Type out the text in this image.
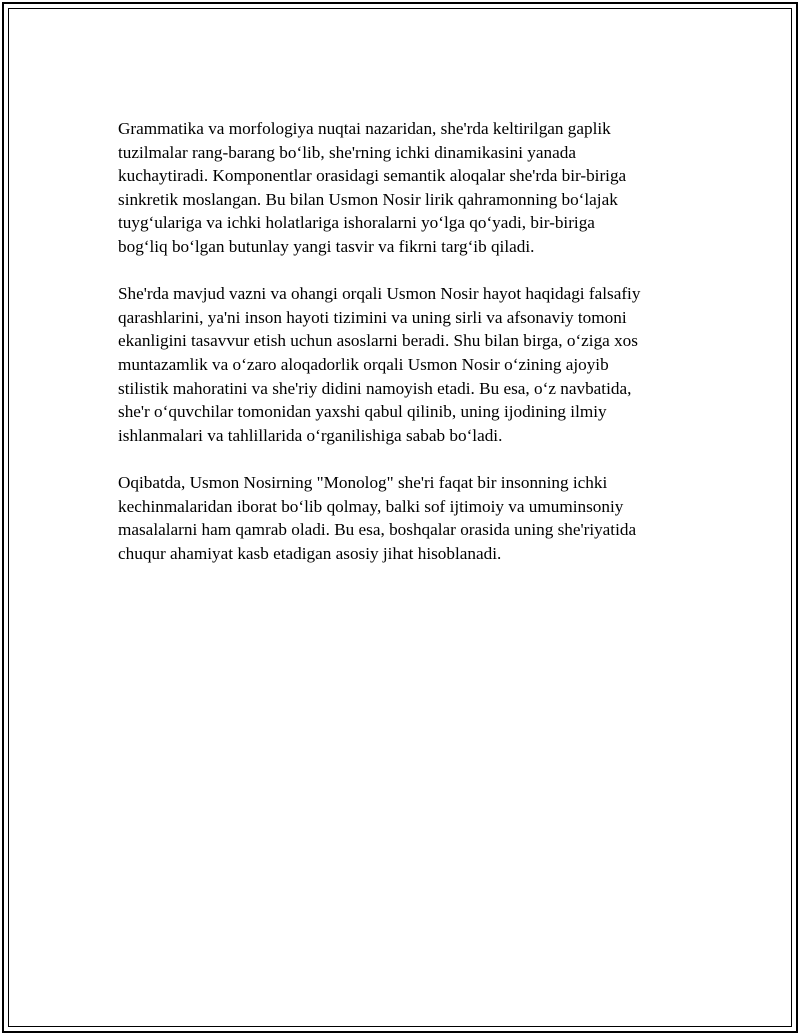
Grammatika va morfologiya nuqtai nazaridan, she'rda keltirilgan gaplik
tuzilmalar rang-barang bo‘lib, she'rning ichki dinamikasini yanada
kuchaytiradi. Komponentlar orasidagi semantik aloqalar she'rda bir-biriga
sinkretik moslangan. Bu bilan Usmon Nosir lirik qahramonning bo‘lajak
tuyg‘ulariga va ichki holatlariga ishoralarni yo‘lga qo‘yadi, bir-biriga
bog‘liq bo‘lgan butunlay yangi tasvir va fikrni targ‘ib qiladi.

She'rda mavjud vazni va ohangi orqali Usmon Nosir hayot haqidagi falsafiy
qarashlarini, ya'ni inson hayoti tizimini va uning sirli va afsonaviy tomoni
ekanligini tasavvur etish uchun asoslarni beradi. Shu bilan birga, o‘ziga xos
muntazamlik va o‘zaro aloqadorlik orqali Usmon Nosir o‘zining ajoyib
stilistik mahoratini va she'riy didini namoyish etadi. Bu esa, o‘z navbatida,
she'r o‘quvchilar tomonidan yaxshi qabul qilinib, uning ijodining ilmiy
ishlanmalari va tahlillarida o‘rganilishiga sabab bo‘ladi.

Oqibatda, Usmon Nosirning "Monolog" she'ri faqat bir insonning ichki
kechinmalaridan iborat bo‘lib qolmay, balki sof ijtimoiy va umuminsoniy
masalalarni ham qamrab oladi. Bu esa, boshqalar orasida uning she'riyatida
chuqur ahamiyat kasb etadigan asosiy jihat hisoblanadi.
